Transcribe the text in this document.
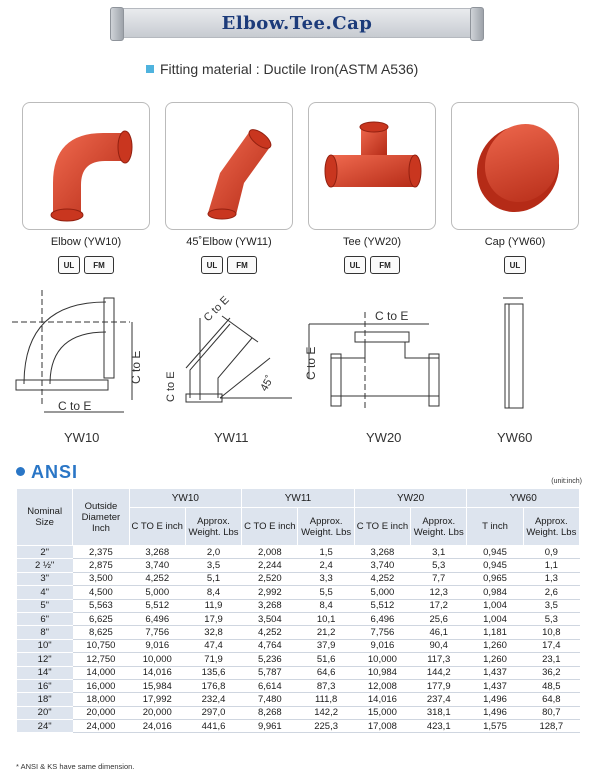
Elbow.Tee.Cap
Fitting material : Ductile Iron(ASTM A536)
Elbow (YW10)	45˚Elbow (YW11)	Tee (YW20)	Cap (YW60)
UL	FM	UL	FM	UL	FM	UL
C to E
C to E
C to E
C to E	45˚
C to E
C to E
YW10	YW11	YW20	YW60
ANSI	(unit:inch)
Nominal Size	Outside Diameter Inch	YW10		YW11		YW20		YW60	
		C TO E inch	Approx. Weight. Lbs	C TO E inch	Approx. Weight. Lbs	C TO E inch	Approx. Weight. Lbs	T inch	Approx. Weight. Lbs
2"	2,375	3,268	2,0	2,008	1,5	3,268	3,1	0,945	0,9
2 ½"	2,875	3,740	3,5	2,244	2,4	3,740	5,3	0,945	1,1
3"	3,500	4,252	5,1	2,520	3,3	4,252	7,7	0,965	1,3
4"	4,500	5,000	8,4	2,992	5,5	5,000	12,3	0,984	2,6
5"	5,563	5,512	11,9	3,268	8,4	5,512	17,2	1,004	3,5
6"	6,625	6,496	17,9	3,504	10,1	6,496	25,6	1,004	5,3
8"	8,625	7,756	32,8	4,252	21,2	7,756	46,1	1,181	10,8
10"	10,750	9,016	47,4	4,764	37,9	9,016	90,4	1,260	17,4
12"	12,750	10,000	71,9	5,236	51,6	10,000	117,3	1,260	23,1
14"	14,000	14,016	135,6	5,787	64,6	10,984	144,2	1,437	36,2
16"	16,000	15,984	176,8	6,614	87,3	12,008	177,9	1,437	48,5
18"	18,000	17,992	232,4	7,480	111,8	14,016	237,4	1,496	64,8
20"	20,000	20,000	297,0	8,268	142,2	15,000	318,1	1,496	80,7
24"	24,000	24,016	441,6	9,961	225,3	17,008	423,1	1,575	128,7
* ANSI & KS have same dimension.
